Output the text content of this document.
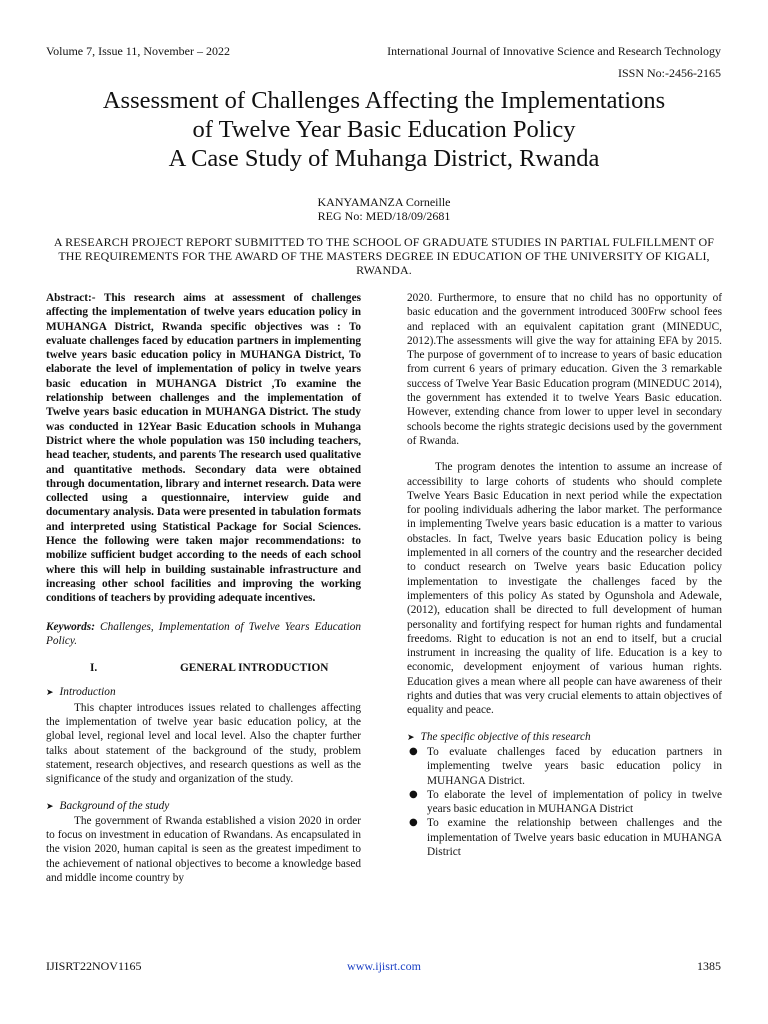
Volume 7, Issue 11, November – 2022	International Journal of Innovative Science and Research Technology
ISSN No:-2456-2165
Assessment of Challenges Affecting the Implementations
of Twelve Year Basic Education Policy
A Case Study of Muhanga District, Rwanda
KANYAMANZA Corneille
REG No: MED/18/09/2681
A RESEARCH PROJECT REPORT SUBMITTED TO THE SCHOOL OF GRADUATE STUDIES IN PARTIAL FULFILLMENT OF THE REQUIREMENTS FOR THE AWARD OF THE MASTERS DEGREE IN EDUCATION OF THE UNIVERSITY OF KIGALI, RWANDA.

Abstract:- This research aims at assessment of challenges affecting the implementation of twelve years education policy in MUHANGA District, Rwanda specific objectives was : To evaluate challenges faced by education partners in implementing twelve years basic education policy in MUHANGA District, To elaborate the level of implementation of policy in twelve years basic education in MUHANGA District ,To examine the relationship between challenges and the implementation of Twelve years basic education in MUHANGA District. The study was conducted in 12Year Basic Education schools in Muhanga District where the whole population was 150 including teachers, head teacher, students, and parents The research used qualitative and quantitative methods. Secondary data were obtained through documentation, library and internet research. Data were collected using a questionnaire, interview guide and documentary analysis. Data were presented in tabulation formats and interpreted using Statistical Package for Social Sciences. Hence the following were taken major recommendations: to mobilize sufficient budget according to the needs of each school where this will help in building sustainable infrastructure and increasing other school facilities and improving the working conditions of teachers by providing adequate incentives.

Keywords: Challenges, Implementation of Twelve Years Education Policy.

I.	GENERAL INTRODUCTION

➤ Introduction

This chapter introduces issues related to challenges affecting the implementation of twelve year basic education policy, at the global level, regional level and local level. Also the chapter further talks about statement of the background of the study, problem statement, research objectives, and research questions as well as the significance of the study and organization of the study.

➤ Background of the study

The government of Rwanda established a vision 2020 in order to focus on investment in education of Rwandans. As encapsulated in the vision 2020, human capital is seen as the greatest impediment to the achievement of national objectives to become a knowledge based and middle income country by

2020. Furthermore, to ensure that no child has no opportunity of basic education and the government introduced 300Frw school fees and replaced with an equivalent capitation grant (MINEDUC, 2012).The assessments will give the way for attaining EFA by 2015. The purpose of government of to increase to years of basic education from current 6 years of primary education. Given the 3 remarkable success of Twelve Year Basic Education program (MINEDUC 2014), the government has extended it to twelve Years Basic education. However, extending chance from lower to upper level in secondary schools become the rights strategic decisions used by the government of Rwanda.

The program denotes the intention to assume an increase of accessibility to large cohorts of students who should complete Twelve Years Basic Education in next period while the expectation for pooling individuals adhering the labor market. The performance in implementing Twelve years basic education is a matter to various obstacles. In fact, Twelve years basic Education policy is being implemented in all corners of the country and the researcher decided to conduct research on Twelve years basic Education policy implementation to investigate the challenges faced by the implementers of this policy As stated by Ogunshola and Adewale, (2012), education shall be directed to full development of human personality and fortifying respect for human rights and fundamental freedoms. Right to education is not an end to itself, but a crucial instrument in increasing the quality of life. Education is a key to economic, development enjoyment of various human rights. Education gives a mean where all people can have awareness of their rights and duties that was very crucial elements to attain objectives of equality and peace.

➤ The specific objective of this research

● To evaluate challenges faced by education partners in implementing twelve years basic education policy in MUHANGA District.
● To elaborate the level of implementation of policy in twelve years basic education in MUHANGA District
● To examine the relationship between challenges and the implementation of Twelve years basic education in MUHANGA District
IJISRT22NOV1165	www.ijisrt.com	1385
